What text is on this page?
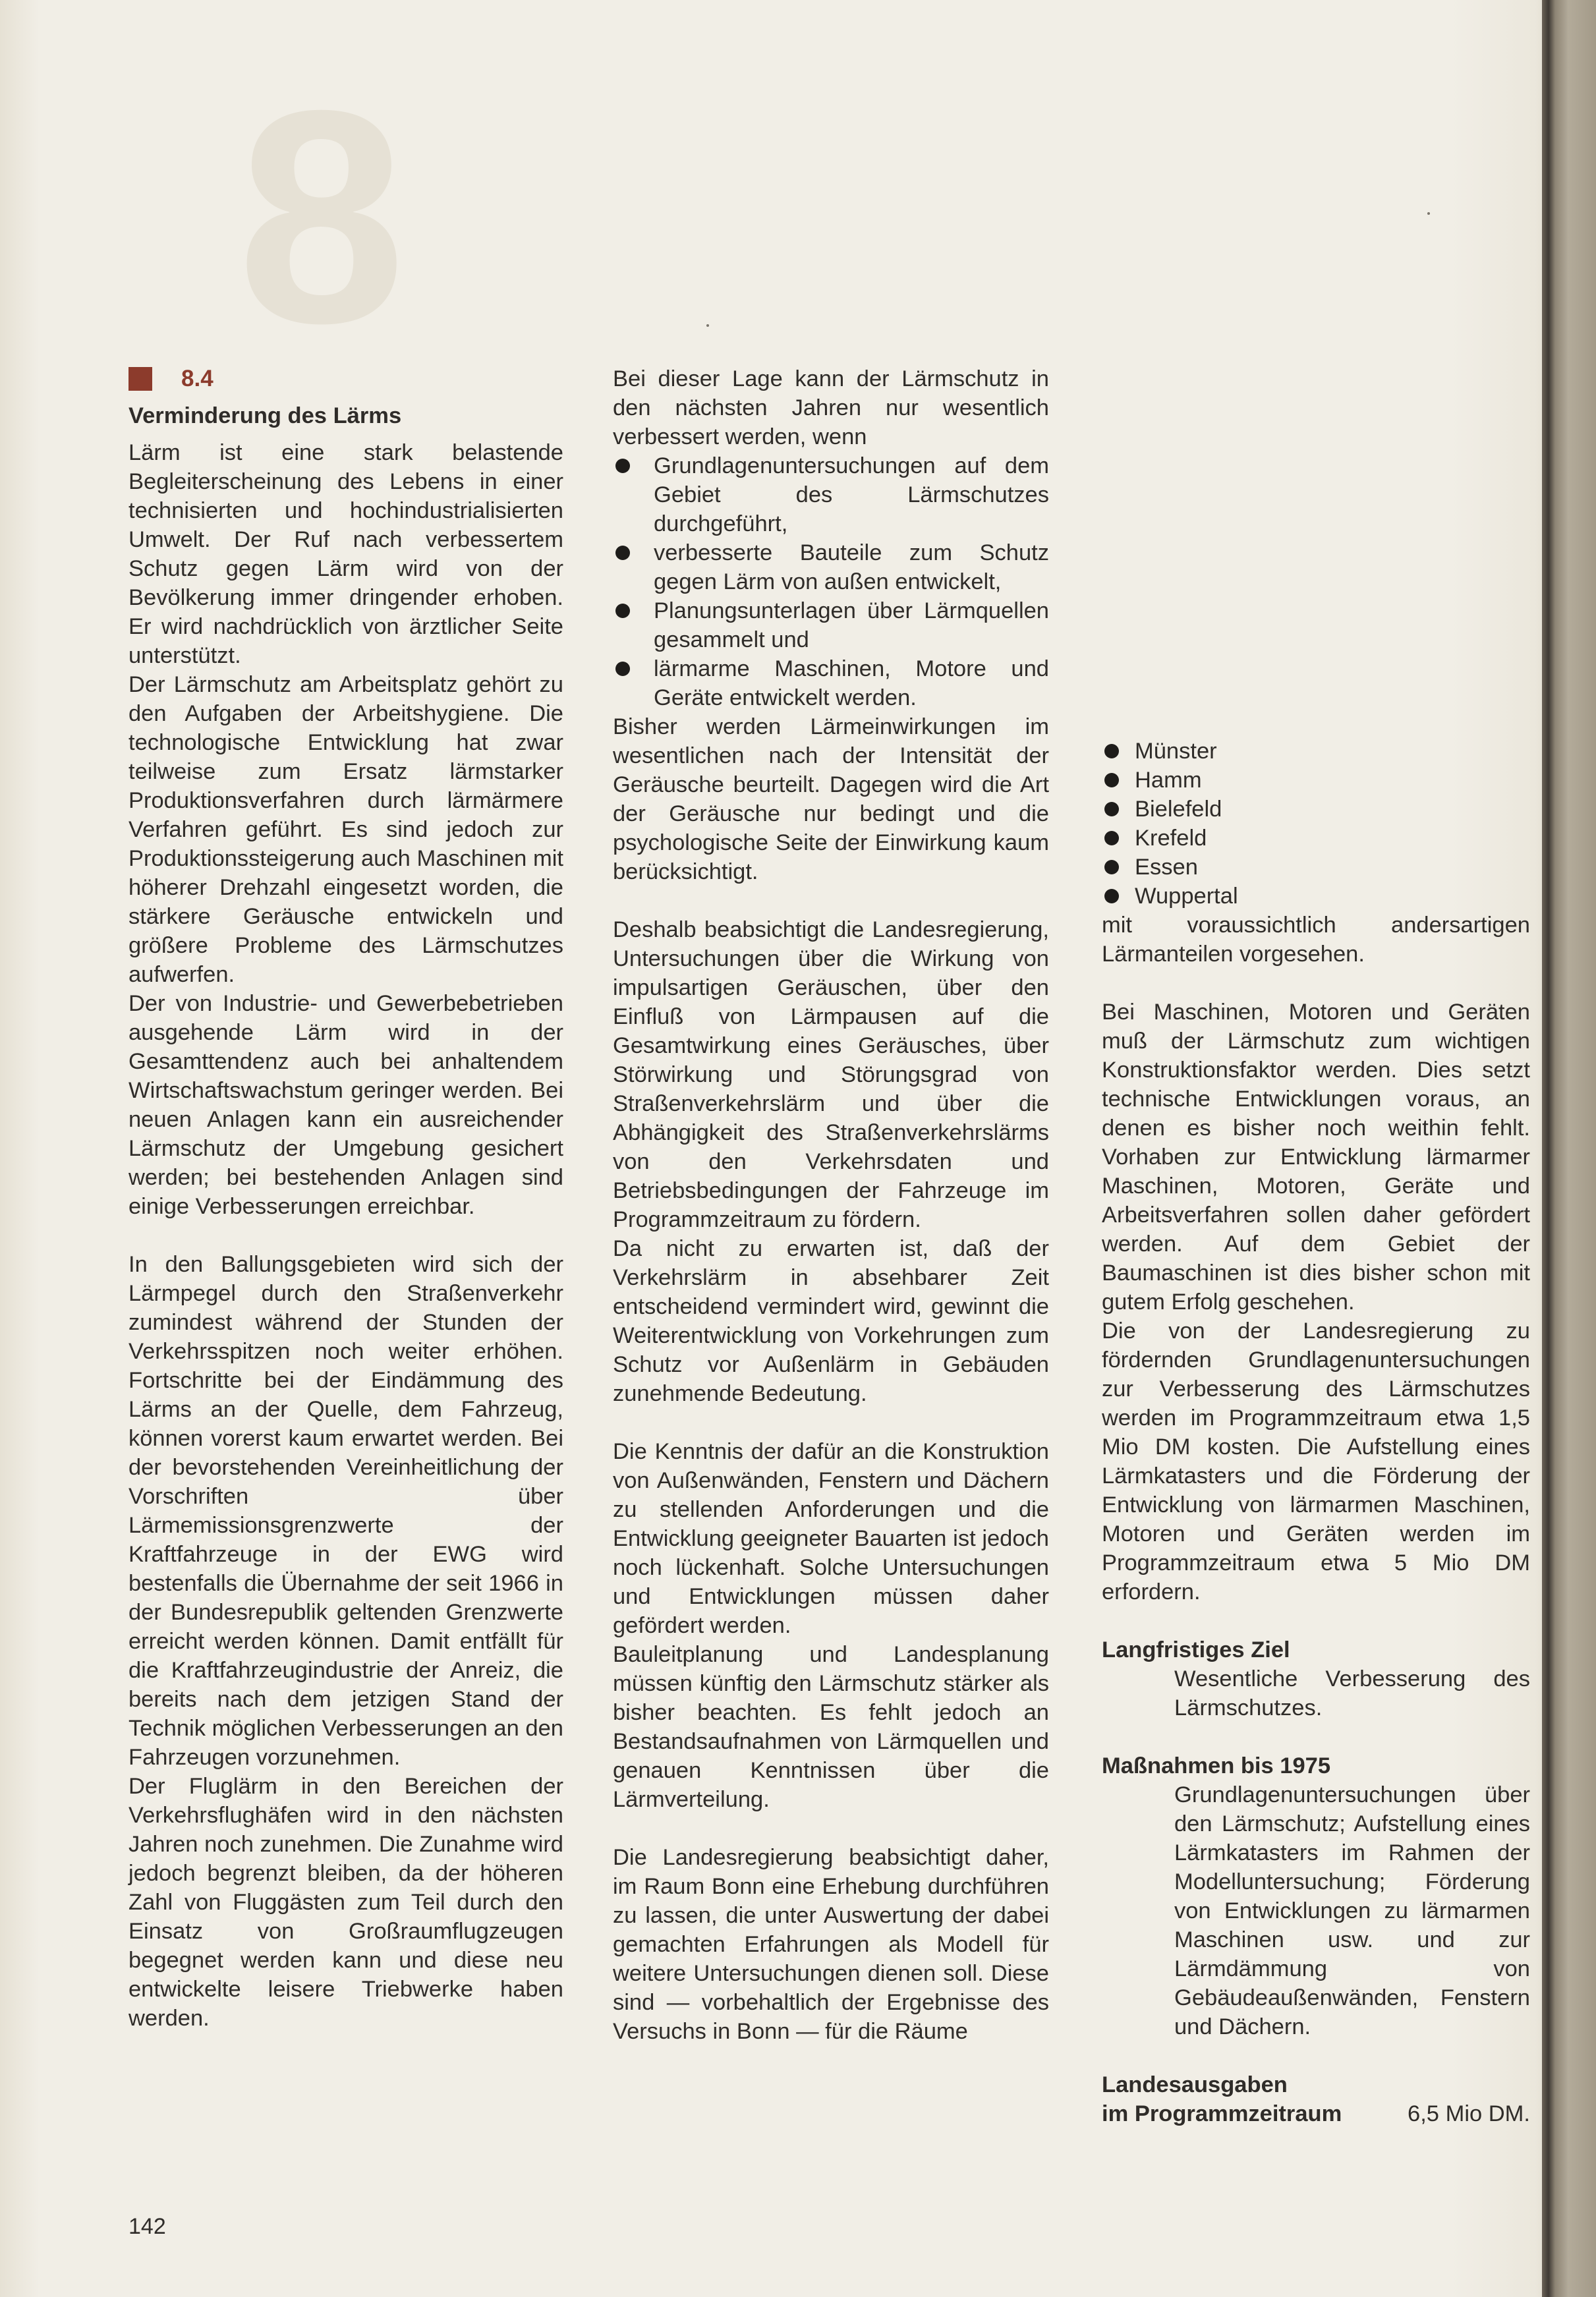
8
8.4

Verminderung des Lärms

Lärm ist eine stark belastende Begleiterscheinung des Lebens in einer technisierten und hochindustrialisierten Umwelt. Der Ruf nach verbessertem Schutz gegen Lärm wird von der Bevölkerung immer dringender erhoben. Er wird nachdrücklich von ärztlicher Seite unterstützt.

Der Lärmschutz am Arbeitsplatz gehört zu den Aufgaben der Arbeitshygiene. Die technologische Entwicklung hat zwar teilweise zum Ersatz lärmstarker Produktionsverfahren durch lärmärmere Verfahren geführt. Es sind jedoch zur Produktionssteigerung auch Maschinen mit höherer Drehzahl eingesetzt worden, die stärkere Geräusche entwickeln und größere Probleme des Lärmschutzes aufwerfen.

Der von Industrie- und Gewerbebetrieben ausgehende Lärm wird in der Gesamttendenz auch bei anhaltendem Wirtschaftswachstum geringer werden. Bei neuen Anlagen kann ein ausreichender Lärmschutz der Umgebung gesichert werden; bei bestehenden Anlagen sind einige Verbesserungen erreichbar.

In den Ballungsgebieten wird sich der Lärmpegel durch den Straßenverkehr zumindest während der Stunden der Verkehrsspitzen noch weiter erhöhen. Fortschritte bei der Eindämmung des Lärms an der Quelle, dem Fahrzeug, können vorerst kaum erwartet werden. Bei der bevorstehenden Vereinheitlichung der Vorschriften über Lärmemissionsgrenzwerte der Kraftfahrzeuge in der EWG wird bestenfalls die Übernahme der seit 1966 in der Bundesrepublik geltenden Grenzwerte erreicht werden können. Damit entfällt für die Kraftfahrzeugindustrie der Anreiz, die bereits nach dem jetzigen Stand der Technik möglichen Verbesserungen an den Fahrzeugen vorzunehmen.

Der Fluglärm in den Bereichen der Verkehrsflughäfen wird in den nächsten Jahren noch zunehmen. Die Zunahme wird jedoch begrenzt bleiben, da der höheren Zahl von Fluggästen zum Teil durch den Einsatz von Großraumflugzeugen begegnet werden kann und diese neu entwickelte leisere Triebwerke haben werden.

Bei dieser Lage kann der Lärmschutz in den nächsten Jahren nur wesentlich verbessert werden, wenn

Grundlagenuntersuchungen auf dem Gebiet des Lärmschutzes durchgeführt,
verbesserte Bauteile zum Schutz gegen Lärm von außen entwickelt,
Planungsunterlagen über Lärmquellen gesammelt und
lärmarme Maschinen, Motore und Geräte entwickelt werden.

Bisher werden Lärmeinwirkungen im wesentlichen nach der Intensität der Geräusche beurteilt. Dagegen wird die Art der Geräusche nur bedingt und die psychologische Seite der Einwirkung kaum berücksichtigt.

Deshalb beabsichtigt die Landesregierung, Untersuchungen über die Wirkung von impulsartigen Geräuschen, über den Einfluß von Lärmpausen auf die Gesamtwirkung eines Geräusches, über Störwirkung und Störungsgrad von Straßenverkehrslärm und über die Abhängigkeit des Straßenverkehrslärms von den Verkehrsdaten und Betriebsbedingungen der Fahrzeuge im Programmzeitraum zu fördern.

Da nicht zu erwarten ist, daß der Verkehrslärm in absehbarer Zeit entscheidend vermindert wird, gewinnt die Weiterentwicklung von Vorkehrungen zum Schutz vor Außenlärm in Gebäuden zunehmende Bedeutung.

Die Kenntnis der dafür an die Konstruktion von Außenwänden, Fenstern und Dächern zu stellenden Anforderungen und die Entwicklung geeigneter Bauarten ist jedoch noch lückenhaft. Solche Untersuchungen und Entwicklungen müssen daher gefördert werden.

Bauleitplanung und Landesplanung müssen künftig den Lärmschutz stärker als bisher beachten. Es fehlt jedoch an Bestandsaufnahmen von Lärmquellen und genauen Kenntnissen über die Lärmverteilung.

Die Landesregierung beabsichtigt daher, im Raum Bonn eine Erhebung durchführen zu lassen, die unter Auswertung der dabei gemachten Erfahrungen als Modell für weitere Untersuchungen dienen soll. Diese sind — vorbehaltlich der Ergebnisse des Versuchs in Bonn — für die Räume

Münster
Hamm
Bielefeld
Krefeld
Essen
Wuppertal

mit voraussichtlich andersartigen Lärmanteilen vorgesehen.

Bei Maschinen, Motoren und Geräten muß der Lärmschutz zum wichtigen Konstruktionsfaktor werden. Dies setzt technische Entwicklungen voraus, an denen es bisher noch weithin fehlt. Vorhaben zur Entwicklung lärmarmer Maschinen, Motoren, Geräte und Arbeitsverfahren sollen daher gefördert werden. Auf dem Gebiet der Baumaschinen ist dies bisher schon mit gutem Erfolg geschehen.

Die von der Landesregierung zu fördernden Grundlagenuntersuchungen zur Verbesserung des Lärmschutzes werden im Programmzeitraum etwa 1,5 Mio DM kosten. Die Aufstellung eines Lärmkatasters und die Förderung der Entwicklung von lärmarmen Maschinen, Motoren und Geräten werden im Programmzeitraum etwa 5 Mio DM erfordern.

Langfristiges Ziel

Wesentliche Verbesserung des Lärmschutzes.

Maßnahmen bis 1975

Grundlagenuntersuchungen über den Lärmschutz; Aufstellung eines Lärmkatasters im Rahmen der Modelluntersuchung; Förderung von Entwicklungen zu lärmarmen Maschinen usw. und zur Lärmdämmung von Gebäudeaußenwänden, Fenstern und Dächern.

Landesausgaben

im Programmzeitraum	6,5 Mio DM.
142
